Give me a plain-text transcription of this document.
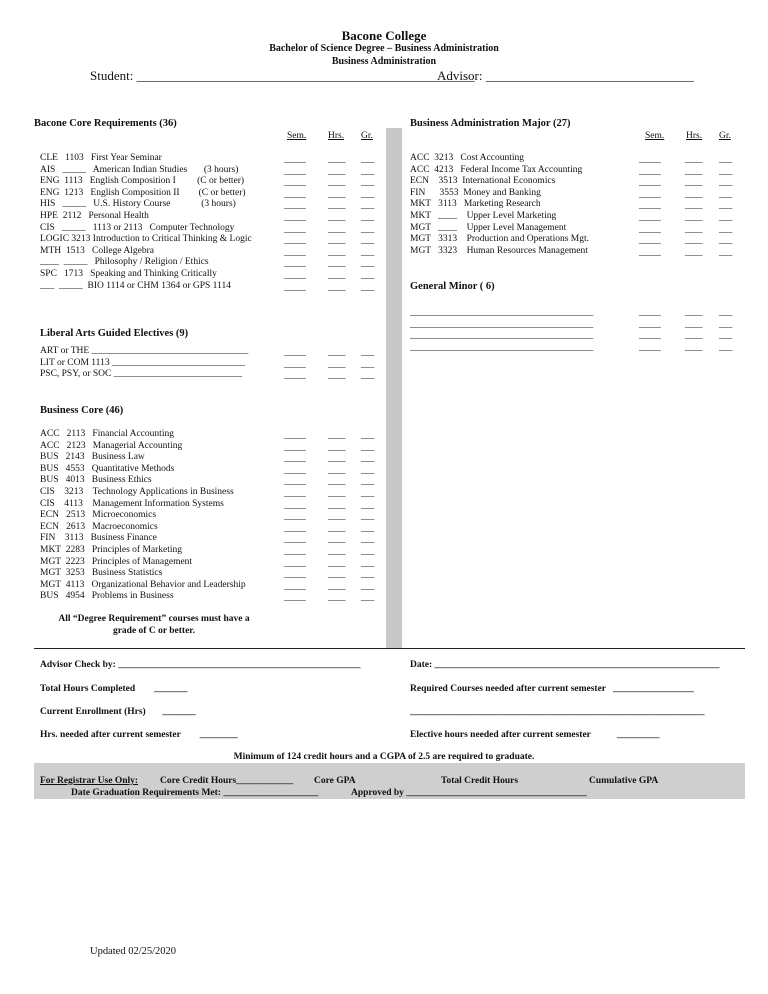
Bacone College
Bachelor of Science Degree – Business Administration
Business Administration
Student: ____________________________________________________
Advisor: ________________________________
Bacone Core Requirements (36)
Sem. Hrs. Gr.
CLE   1103   First Year Seminar	_____ ____ ___
AIS   _____   American Indian Studies       (3 hours)	_____ ____ ___
ENG  1113   English Composition I         (C or better)	_____ ____ ___
ENG  1213   English Composition II        (C or better)	_____ ____ ___
HIS   _____   U.S. History Course             (3 hours)	_____ ____ ___
HPE  2112   Personal Health	_____ ____ ___
CIS   _____   1113 or 2113   Computer Technology	_____ ____ ___
LOGIC 3213 Introduction to Critical Thinking & Logic	_____ ____ ___
MTH  1513   College Algebra	_____ ____ ___
____  _____   Philosophy / Religion / Ethics	_____ ____ ___
SPC   1713   Speaking and Thinking Critically	_____ ____ ___
___  _____  BIO 1114 or CHM 1364 or GPS 1114	_____ ____ ___
Liberal Arts Guided Electives (9)
ART or THE _________________________________	_____ ____ ___
LIT or COM 1113 ____________________________	_____ ____ ___
PSC, PSY, or SOC ___________________________	_____ ____ ___
Business Core (46)
ACC   2113   Financial Accounting	_____ ____ ___
ACC   2123   Managerial Accounting	_____ ____ ___
BUS   2143   Business Law	_____ ____ ___
BUS   4553   Quantitative Methods	_____ ____ ___
BUS   4013   Business Ethics	_____ ____ ___
CIS    3213    Technology Applications in Business	_____ ____ ___
CIS    4113    Management Information Systems	_____ ____ ___
ECN   2513   Microeconomics	_____ ____ ___
ECN   2613   Macroeconomics	_____ ____ ___
FIN    3113   Business Finance	_____ ____ ___
MKT  2283   Principles of Marketing	_____ ____ ___
MGT  2223   Principles of Management	_____ ____ ___
MGT  3253   Business Statistics	_____ ____ ___
MGT  4113   Organizational Behavior and Leadership	_____ ____ ___
BUS   4954   Problems in Business	_____ ____ ___
All “Degree Requirement” courses must have a
grade of C or better.
Business Administration Major (27)
Sem. Hrs. Gr.
ACC  3213   Cost Accounting	_____	____ ___
ACC  4213   Federal Income Tax Accounting	_____	____ ___
ECN    3513  International Economics	_____	____ ___
FIN      3553  Money and Banking	_____	____ ___
MKT   3113   Marketing Research	_____	____ ___
MKT   ____    Upper Level Marketing	_____	____ ___
MGT   ____    Upper Level Management	_____	____ ___
MGT   3313    Production and Operations Mgt.	_____	____ ___
MGT   3323    Human Resources Management	_____	____ ___
General Minor ( 6)
___________________________________________	_____	____ ___
___________________________________________	_____	____ ___
___________________________________________	_____	____ ___
___________________________________________	_____	____ ___
Advisor Check by: ___________________________________________________	Date: ____________________________________________________________
Total Hours Completed        _______	Required Courses needed after current semester   _________________
Current Enrollment (Hrs)       _______	______________________________________________________________
Hrs. needed after current semester        ________	Elective hours needed after current semester           _________
Minimum of 124 credit hours and a CGPA of 2.5 are required to graduate.
For Registrar Use Only: Core Credit Hours____________ Core GPA	Total Credit Hours	Cumulative GPA
Date Graduation Requirements Met: ____________________	Approved by ______________________________________
Updated 02/25/2020
